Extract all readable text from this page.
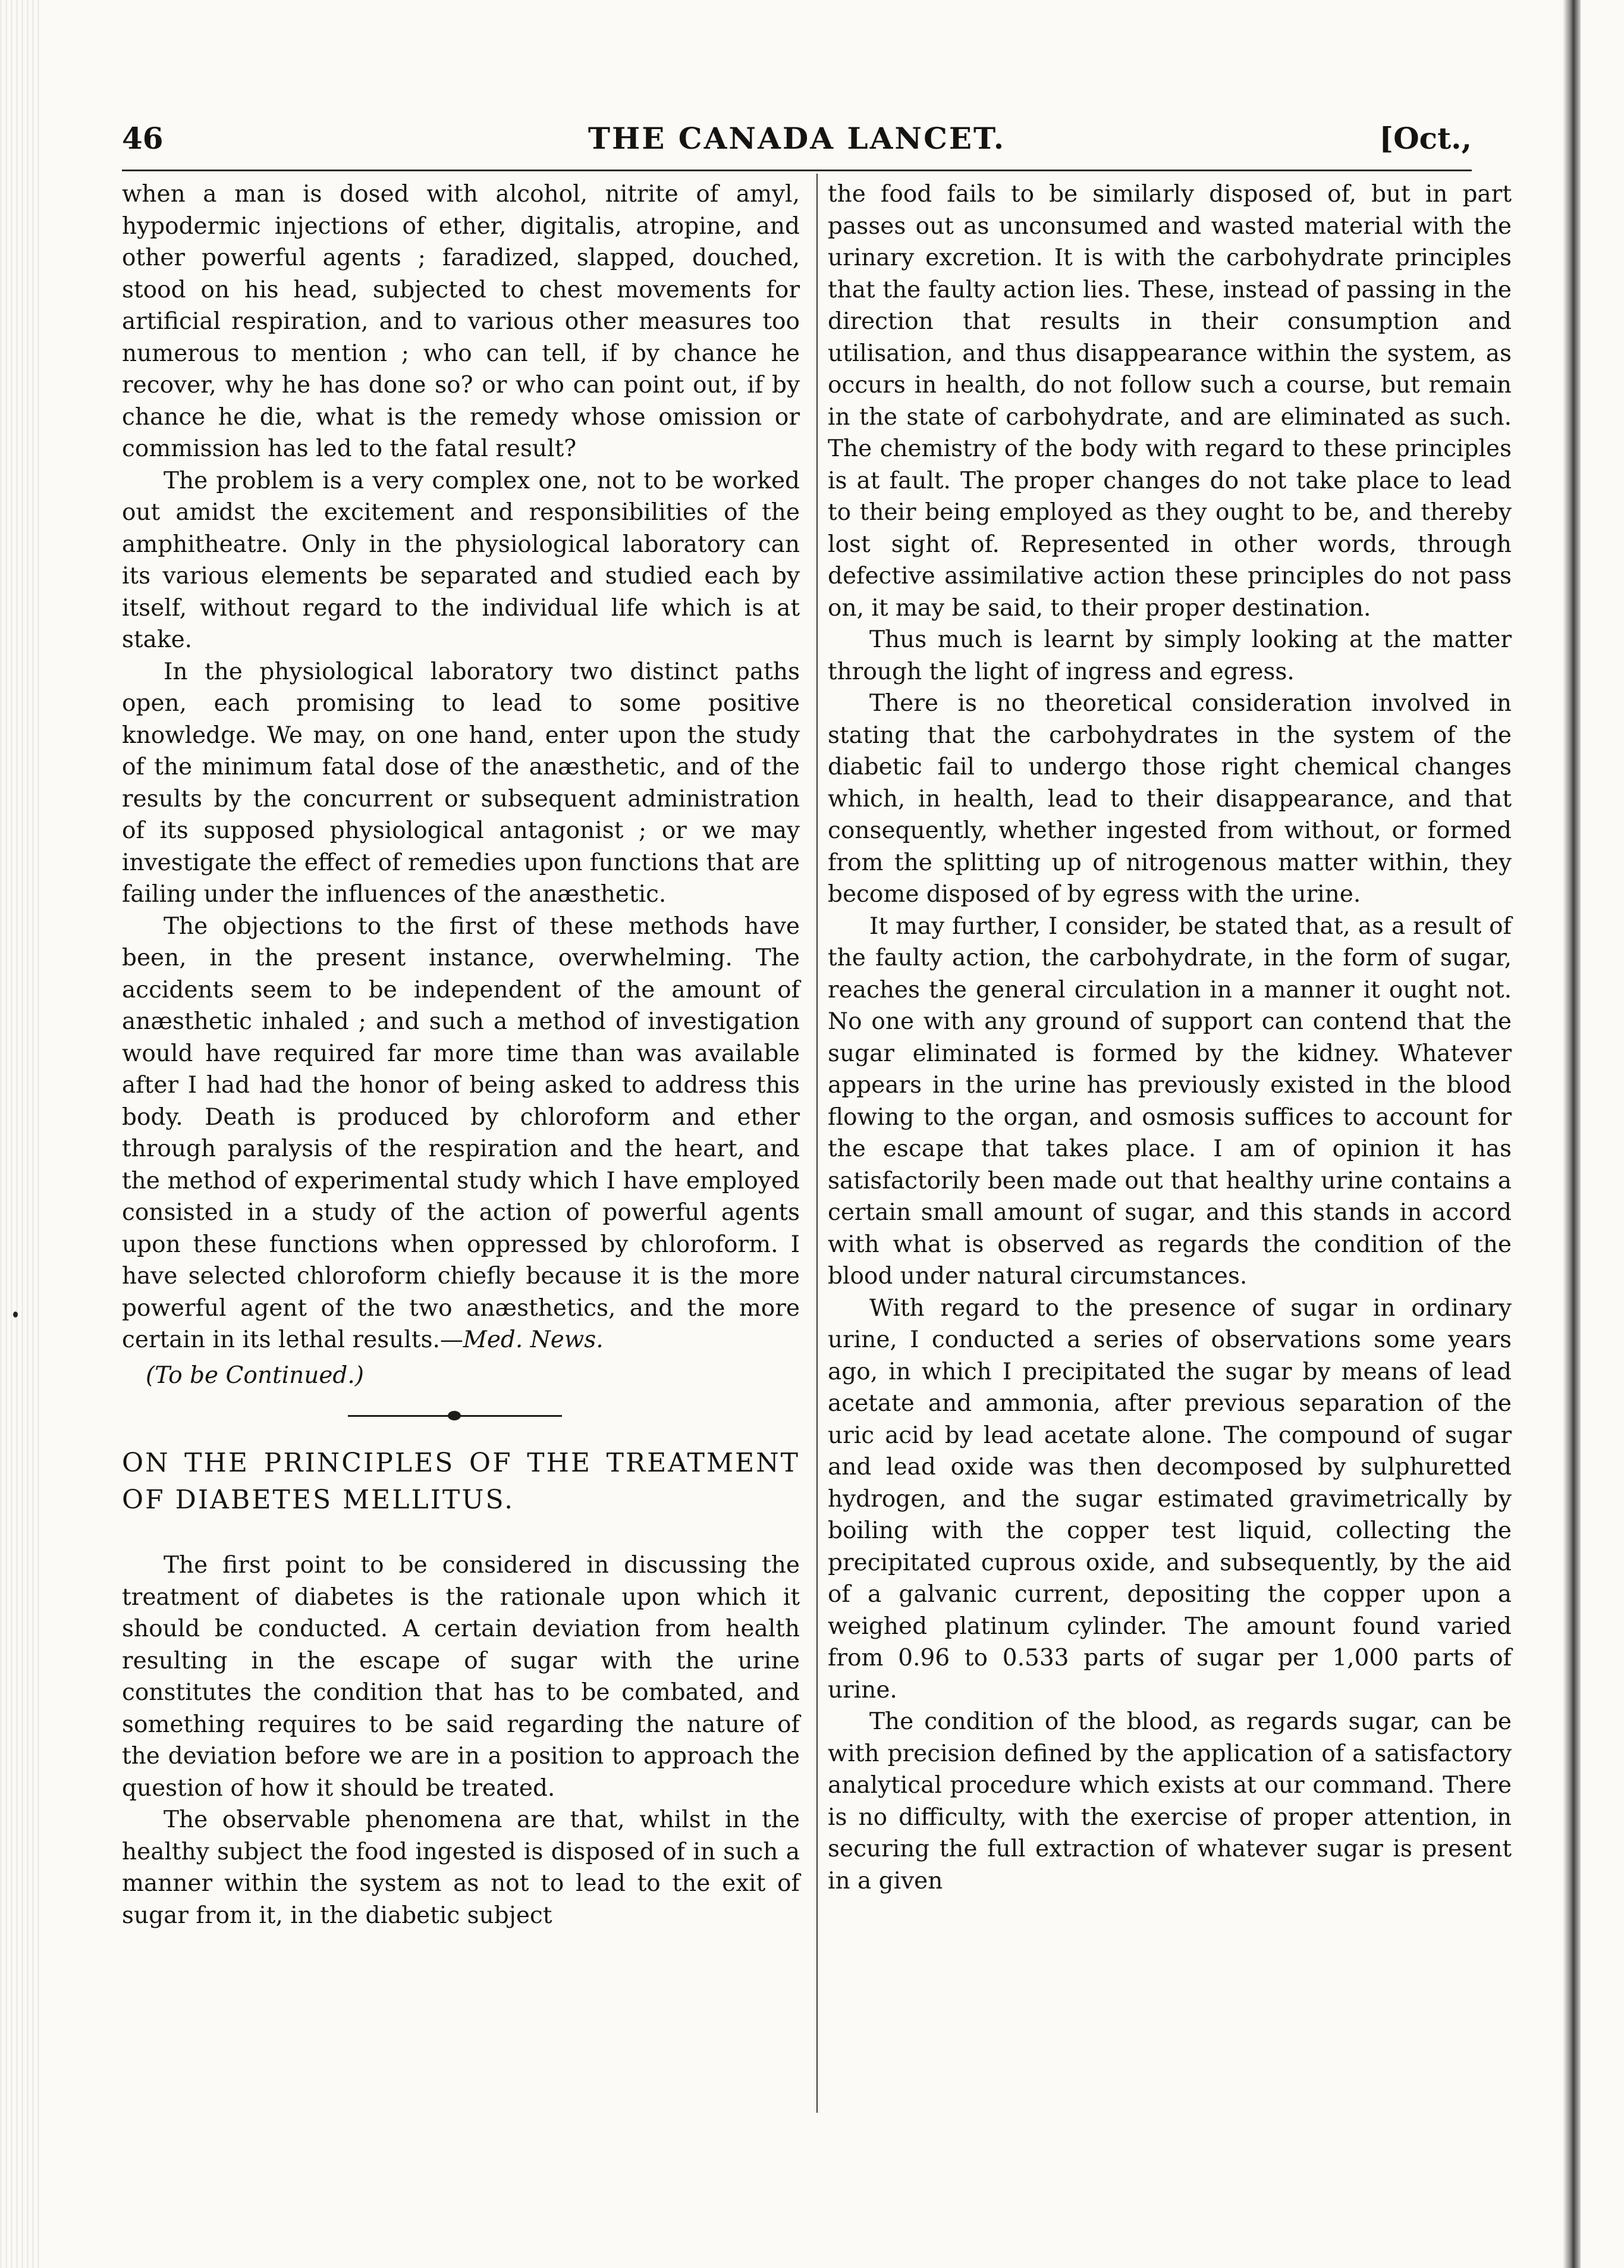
46	THE CANADA LANCET.	[Oct.,

when a man is dosed with alcohol, nitrite of amyl, hypodermic injections of ether, digitalis, atropine, and other powerful agents ; faradized, slapped, douched, stood on his head, subjected to chest movements for artificial respiration, and to various other measures too numerous to mention ; who can tell, if by chance he recover, why he has done so? or who can point out, if by chance he die, what is the remedy whose omission or commission has led to the fatal result?

The problem is a very complex one, not to be worked out amidst the excitement and responsibilities of the amphitheatre. Only in the physiological laboratory can its various elements be separated and studied each by itself, without regard to the individual life which is at stake.

In the physiological laboratory two distinct paths open, each promising to lead to some positive knowledge. We may, on one hand, enter upon the study of the minimum fatal dose of the anæsthetic, and of the results by the concurrent or subsequent administration of its supposed physiological antagonist ; or we may investigate the effect of remedies upon functions that are failing under the influences of the anæsthetic.

The objections to the first of these methods have been, in the present instance, overwhelming. The accidents seem to be independent of the amount of anæsthetic inhaled ; and such a method of investigation would have required far more time than was available after I had had the honor of being asked to address this body. Death is produced by chloroform and ether through paralysis of the respiration and the heart, and the method of experimental study which I have employed consisted in a study of the action of powerful agents upon these functions when oppressed by chloroform. I have selected chloroform chiefly because it is the more powerful agent of the two anæsthetics, and the more certain in its lethal results.—Med. News.

(To be Continued.)

ON THE PRINCIPLES OF THE TREATMENT OF DIABETES MELLITUS.

The first point to be considered in discussing the treatment of diabetes is the rationale upon which it should be conducted. A certain deviation from health resulting in the escape of sugar with the urine constitutes the condition that has to be combated, and something requires to be said regarding the nature of the deviation before we are in a position to approach the question of how it should be treated.

The observable phenomena are that, whilst in the healthy subject the food ingested is disposed of in such a manner within the system as not to lead to the exit of sugar from it, in the diabetic subject

the food fails to be similarly disposed of, but in part passes out as unconsumed and wasted material with the urinary excretion. It is with the carbohydrate principles that the faulty action lies. These, instead of passing in the direction that results in their consumption and utilisation, and thus disappearance within the system, as occurs in health, do not follow such a course, but remain in the state of carbohydrate, and are eliminated as such. The chemistry of the body with regard to these principles is at fault. The proper changes do not take place to lead to their being employed as they ought to be, and thereby lost sight of. Represented in other words, through defective assimilative action these principles do not pass on, it may be said, to their proper destination.

Thus much is learnt by simply looking at the matter through the light of ingress and egress.

There is no theoretical consideration involved in stating that the carbohydrates in the system of the diabetic fail to undergo those right chemical changes which, in health, lead to their disappearance, and that consequently, whether ingested from without, or formed from the splitting up of nitrogenous matter within, they become disposed of by egress with the urine.

It may further, I consider, be stated that, as a result of the faulty action, the carbohydrate, in the form of sugar, reaches the general circulation in a manner it ought not. No one with any ground of support can contend that the sugar eliminated is formed by the kidney. Whatever appears in the urine has previously existed in the blood flowing to the organ, and osmosis suffices to account for the escape that takes place. I am of opinion it has satisfactorily been made out that healthy urine contains a certain small amount of sugar, and this stands in accord with what is observed as regards the condition of the blood under natural circumstances.

With regard to the presence of sugar in ordinary urine, I conducted a series of observations some years ago, in which I precipitated the sugar by means of lead acetate and ammonia, after previous separation of the uric acid by lead acetate alone. The compound of sugar and lead oxide was then decomposed by sulphuretted hydrogen, and the sugar estimated gravimetrically by boiling with the copper test liquid, collecting the precipitated cuprous oxide, and subsequently, by the aid of a galvanic current, depositing the copper upon a weighed platinum cylinder. The amount found varied from 0.96 to 0.533 parts of sugar per 1,000 parts of urine.

The condition of the blood, as regards sugar, can be with precision defined by the application of a satisfactory analytical procedure which exists at our command. There is no difficulty, with the exercise of proper attention, in securing the full extraction of whatever sugar is present in a given
